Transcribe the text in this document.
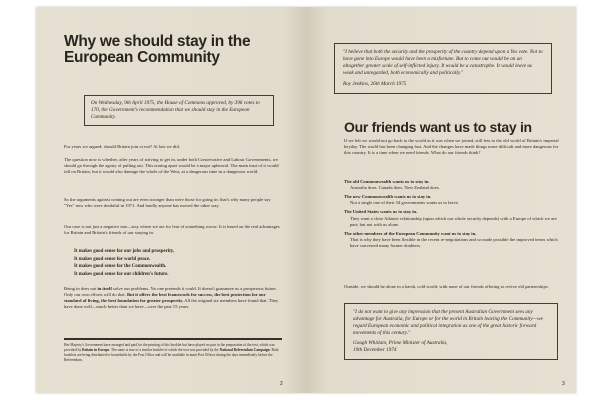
Why we should stay in the
European Community
On Wednesday, 9th April 1975, the House of Commons approved, by 396 votes to 170, the Government's recommendation that we should stay in the European Community.

For years we argued: should Britain join or not? At last we did.

The question now is whether, after years of striving to get in, under both Conservative and Labour Governments, we should go through the agony of pulling out. This tearing apart would be a major upheaval. The main trust of it would fall on Britain, but it would also damage the whole of the West, at a dangerous time in a dangerous world.

So the arguments against coming out are even stronger than were those for going in: that's why many people say "Yes" now who were doubtful in 1971. And hardly anyone has moved the other way.

Our case is not just a negative one—stay where we are for fear of something worse. It is based on the real advantages for Britain and Britain's friends of our staying in.

It makes good sense for our jobs and prosperity.
It makes good sense for world peace.
It makes good sense for the Commonwealth.
It makes good sense for our children's future.

Being in does not in itself solve our problems. No one pretends it could. It doesn't guarantee us a prosperous future. Only our own efforts will do that. But it offers the best framework for success, the best protection for our standard of living, the best foundation for greater prosperity. All the original six members have found that. They have done well—much better than we have—over the past 15 years.

Her Majesty's Government have arranged and paid for the printing of this booklet but have played no part in the preparation of the text, which was provided by Britain in Europe. The same is true of a similar booklet of which the text was provided by the National Referendum Campaign. Both booklets are being distributed to households by the Post Office and will be available in main Post Offices during the days immediately before the Referendum.

2
"I believe that both the security and the prosperity of the country depend upon a Yes vote. Not to have gone into Europe would have been a misfortune. But to come out would be on an altogether greater scale of self-inflicted injury. It would be a catastrophe. It would leave us weak and unregarded, both economically and politically."
Roy Jenkins, 26th March 1975
Our friends want us to stay in

If we left we would not go back to the world as it was when we joined, still less to the old world of Britain's imperial heyday. The world has been changing fast. And the changes have made things more difficult and more dangerous for this country. It is a time when we need friends. What do our friends think?

The old Commonwealth wants us to stay in.
Australia does. Canada does. New Zealand does.
The new Commonwealth wants us to stay in.
Not a single one of their 34 governments wants us to leave.
The United States wants us to stay in.
They want a close Atlantic relationship (upon which our whole security depends) with a Europe of which we are part; but not with us alone.
The other members of the European Community want us to stay in.
That is why they have been flexible in the recent re-negotiations and so made possible the improved terms which have converted many former doubters.

Outside, we should be alone in a harsh, cold world, with none of our friends offering to revive old partnerships.

"I do not want to give any impression that the present Australian Government sees any advantage for Australia, for Europe or for the world in Britain leaving the Community—we regard European economic and political integration as one of the great historic forward movements of this century."
Gough Whitlam, Prime Minister of Australia,
19th December 1974
3
